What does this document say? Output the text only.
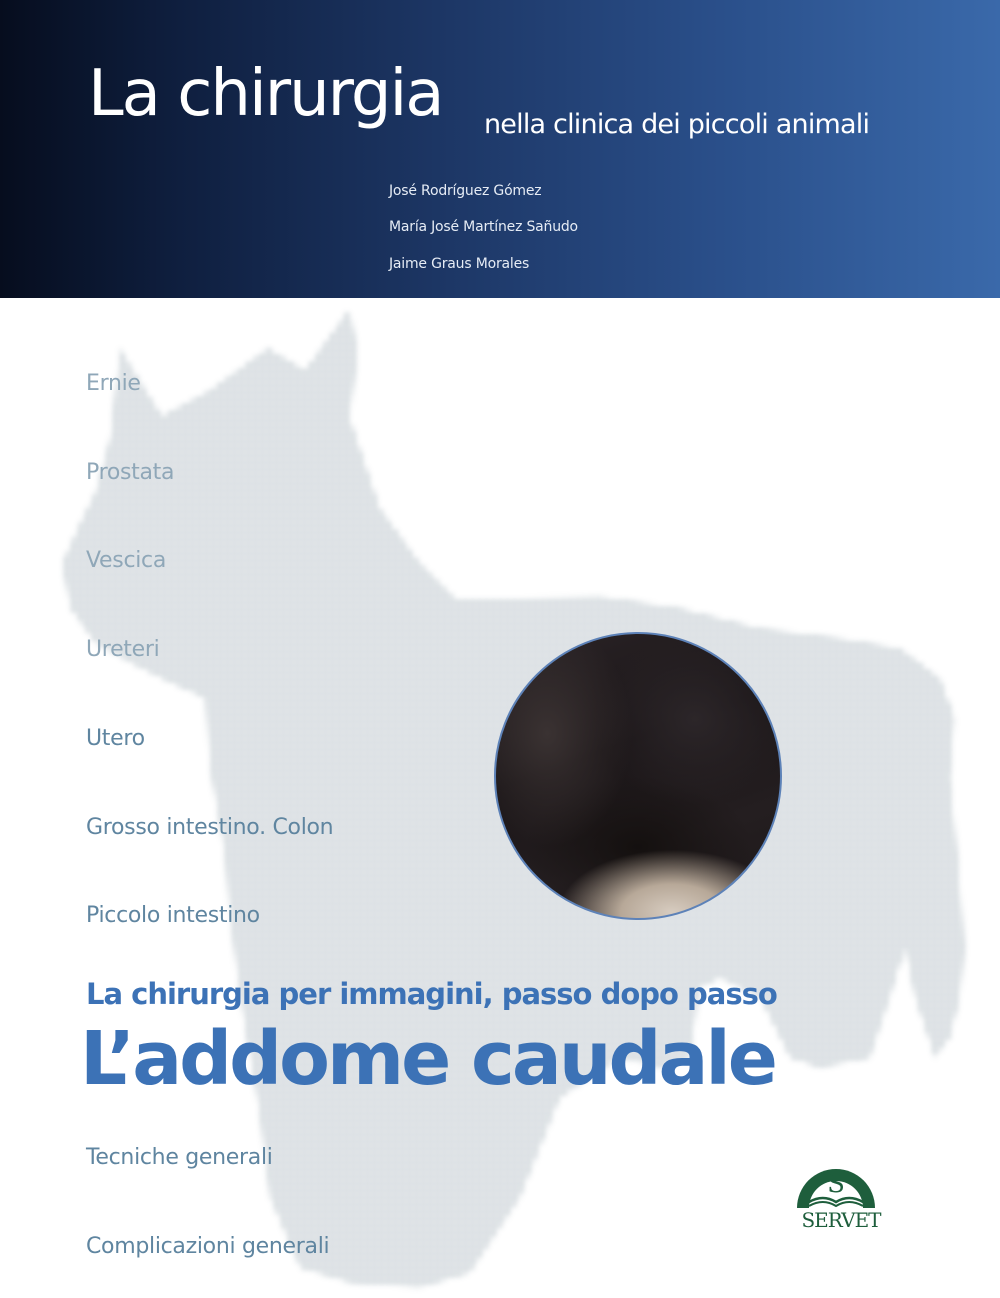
La chirurgia nella clinica dei piccoli animali
José Rodríguez Gómez
María José Martínez Sañudo
Jaime Graus Morales
Ernie
Prostata
Vescica
Ureteri
Utero
Grosso intestino. Colon
Piccolo intestino
La chirurgia per immagini, passo dopo passo
L’addome caudale
Tecniche generali
Complicazioni generali
S
SERVET
